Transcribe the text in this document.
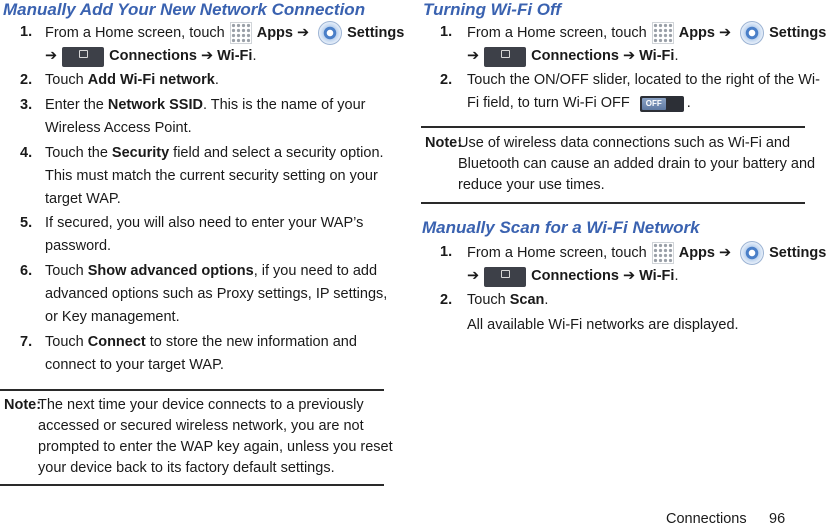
Manually Add Your New Network Connection
1. From a Home screen, touch Apps ➔	Settings
➔	Connections ➔ Wi-Fi .
2. Touch Add Wi-Fi network.
3. Enter the Network SSID. This is the name of your
Wireless Access Point.
4. Touch the Security field and select a security option.
This must match the current security setting on your
target WAP.
5. If secured, you will also need to enter your WAP’s
password.
6. Touch Show advanced options, if you need to add
advanced options such as Proxy settings, IP settings,
or Key management.
7. Touch Connect to store the new information and
connect to your target WAP.
Note:
The next time your device connects to a previously
accessed or secured wireless network, you are not
prompted to enter the WAP key again, unless you reset
your device back to its factory default settings.
Turning Wi-Fi Off
1. From a Home screen, touch Apps ➔	Settings
➔	Connections ➔ Wi-Fi .
2. Touch the ON/OFF slider, located to the right of the Wi-
Fi field, to turn Wi-Fi OFF	OFF .
Note:
Use of wireless data connections such as Wi-Fi and
Bluetooth can cause an added drain to your battery and
reduce your use times.
Manually Scan for a Wi-Fi Network
1. From a Home screen, touch Apps ➔	Settings
➔	Connections ➔ Wi-Fi .
2. Touch Scan.
All available Wi-Fi networks are displayed.
Connections 96
